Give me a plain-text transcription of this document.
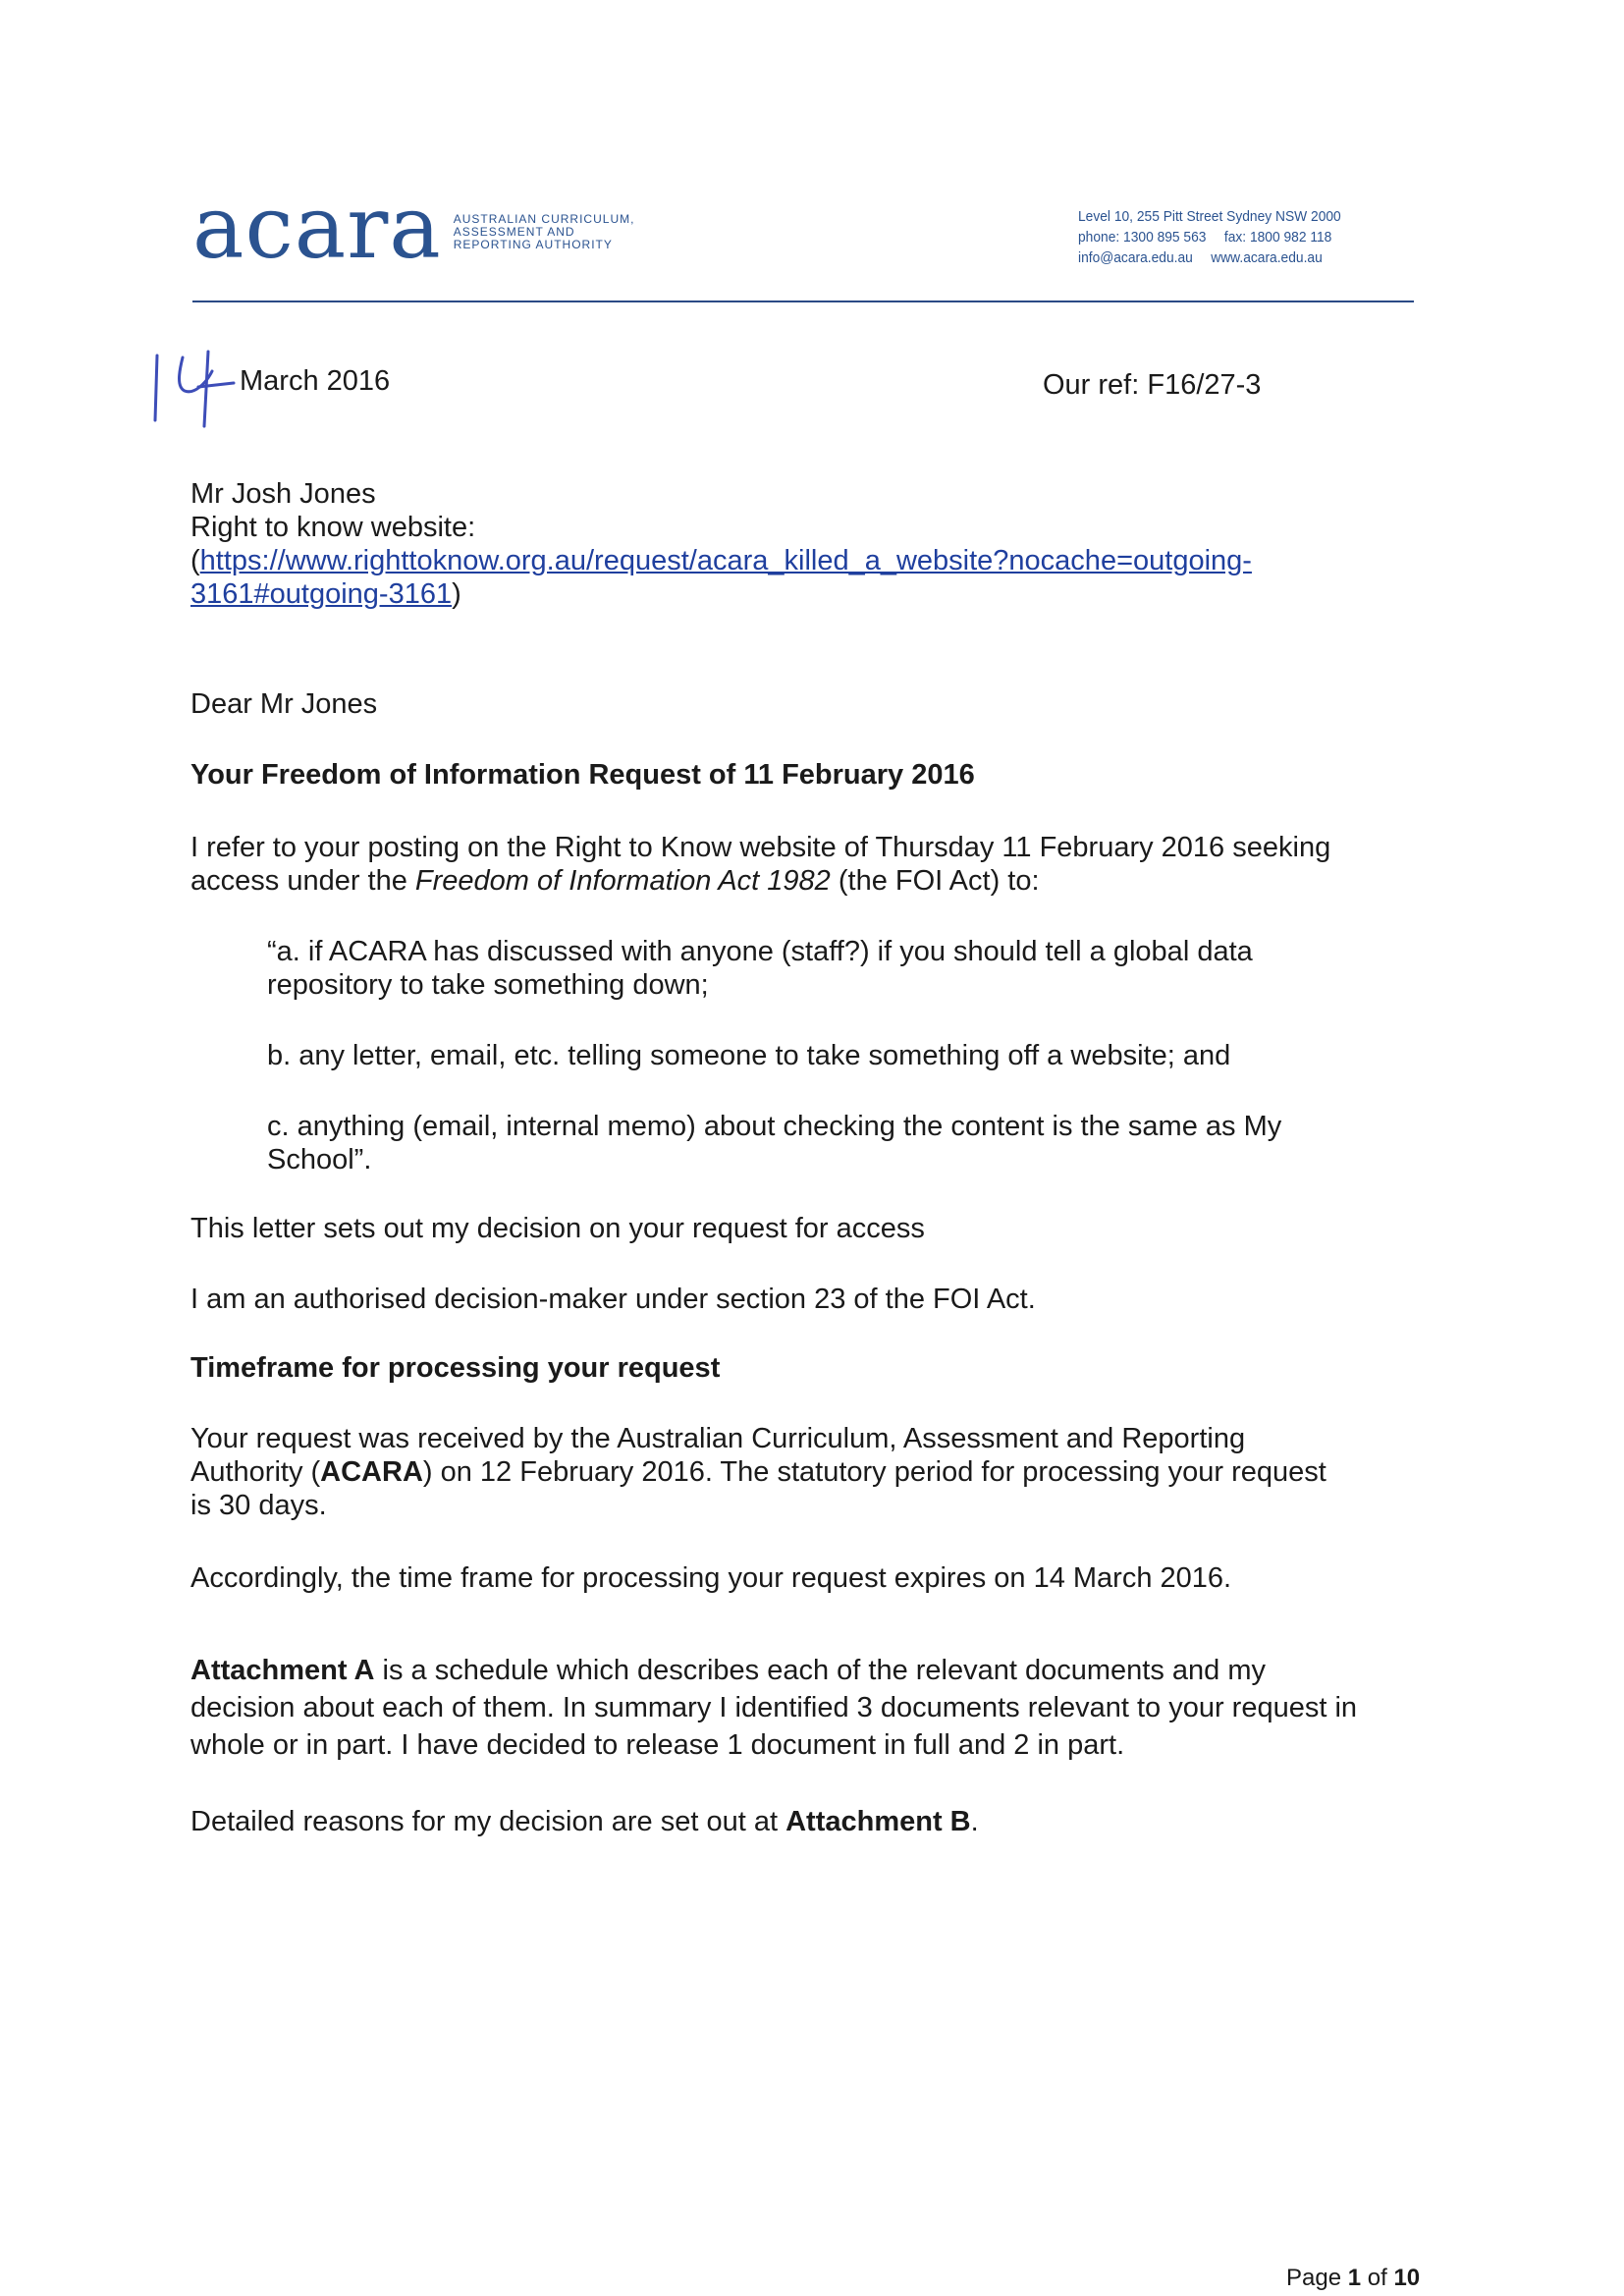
acara AUSTRALIAN CURRICULUM,
ASSESSMENT AND
REPORTING AUTHORITY
Level 10, 255 Pitt Street Sydney NSW 2000
phone: 1300 895 563 fax: 1800 982 118
info@acara.edu.au www.acara.edu.au
March 2016	Our ref: F16/27-3
Mr Josh Jones
Right to know website:
(https://www.righttoknow.org.au/request/acara_killed_a_website?nocache=outgoing-
3161#outgoing-3161)
Dear Mr Jones
Your Freedom of Information Request of 11 February 2016
I refer to your posting on the Right to Know website of Thursday 11 February 2016 seeking
access under the Freedom of Information Act 1982 (the FOI Act) to:
“a. if ACARA has discussed with anyone (staff?) if you should tell a global data
repository to take something down;
b. any letter, email, etc. telling someone to take something off a website; and
c. anything (email, internal memo) about checking the content is the same as My
School”.
This letter sets out my decision on your request for access
I am an authorised decision-maker under section 23 of the FOI Act.
Timeframe for processing your request
Your request was received by the Australian Curriculum, Assessment and Reporting
Authority (ACARA) on 12 February 2016. The statutory period for processing your request
is 30 days.
Accordingly, the time frame for processing your request expires on 14 March 2016.
Attachment A is a schedule which describes each of the relevant documents and my
decision about each of them. In summary I identified 3 documents relevant to your request in
whole or in part. I have decided to release 1 document in full and 2 in part.
Detailed reasons for my decision are set out at Attachment B.
Page 1 of 10
